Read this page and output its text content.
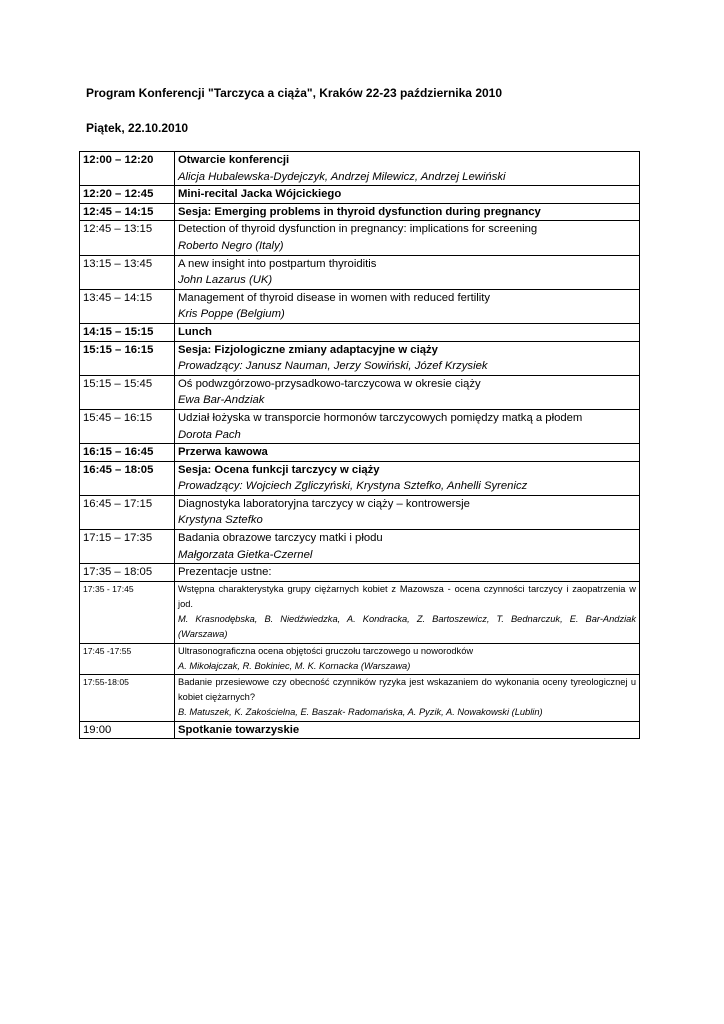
Program Konferencji "Tarczyca a ciąża", Kraków 22-23 października 2010
Piątek, 22.10.2010
12:00 – 12:20	Otwarcie konferencji
Alicja Hubalewska-Dydejczyk, Andrzej Milewicz, Andrzej Lewiński

12:20 – 12:45	Mini-recital Jacka Wójcickiego
12:45 – 14:15	Sesja: Emerging problems in thyroid dysfunction during pregnancy
12:45 – 13:15	Detection of thyroid dysfunction in pregnancy: implications for screening
Roberto Negro (Italy)

13:15 – 13:45	A new insight into postpartum thyroiditis
John Lazarus (UK)

13:45 – 14:15	Management of thyroid disease in women with reduced fertility
Kris Poppe (Belgium)

14:15 – 15:15	Lunch
15:15 – 16:15	Sesja: Fizjologiczne zmiany adaptacyjne w ciąży
Prowadzący: Janusz Nauman, Jerzy Sowiński, Józef Krzysiek

15:15 – 15:45	Oś podwzgórzowo-przysadkowo-tarczycowa w okresie ciąży
Ewa Bar-Andziak

15:45 – 16:15	Udział łożyska w transporcie hormonów tarczycowych pomiędzy matką a płodem
Dorota Pach

16:15 – 16:45	Przerwa kawowa
16:45 – 18:05	Sesja: Ocena funkcji tarczycy w ciąży
Prowadzący: Wojciech Zgliczyński, Krystyna Sztefko, Anhelli Syrenicz

16:45 – 17:15	Diagnostyka laboratoryjna tarczycy w ciąży – kontrowersje
Krystyna Sztefko

17:15 – 17:35	Badania obrazowe tarczycy matki i płodu
Małgorzata Gietka-Czernel

17:35 – 18:05	Prezentacje ustne:
17:35 - 17:45	Wstępna charakterystyka grupy ciężarnych kobiet z Mazowsza - ocena czynności tarczycy i zaopatrzenia w jod.
M. Krasnodębska, B. Niedźwiedzka, A. Kondracka, Z. Bartoszewicz, T. Bednarczuk, E. Bar-Andziak (Warszawa)

17:45 -17:55	Ultrasonograficzna ocena objętości gruczołu tarczowego u noworodków
A. Mikołajczak, R. Bokiniec, M. K. Kornacka (Warszawa)

17:55-18:05	Badanie przesiewowe czy obecność czynników ryzyka jest wskazaniem do wykonania oceny tyreologicznej u kobiet ciężarnych?
B. Matuszek, K. Zakościelna, E. Baszak- Radomańska, A. Pyzik, A. Nowakowski (Lublin)

19:00	Spotkanie towarzyskie
